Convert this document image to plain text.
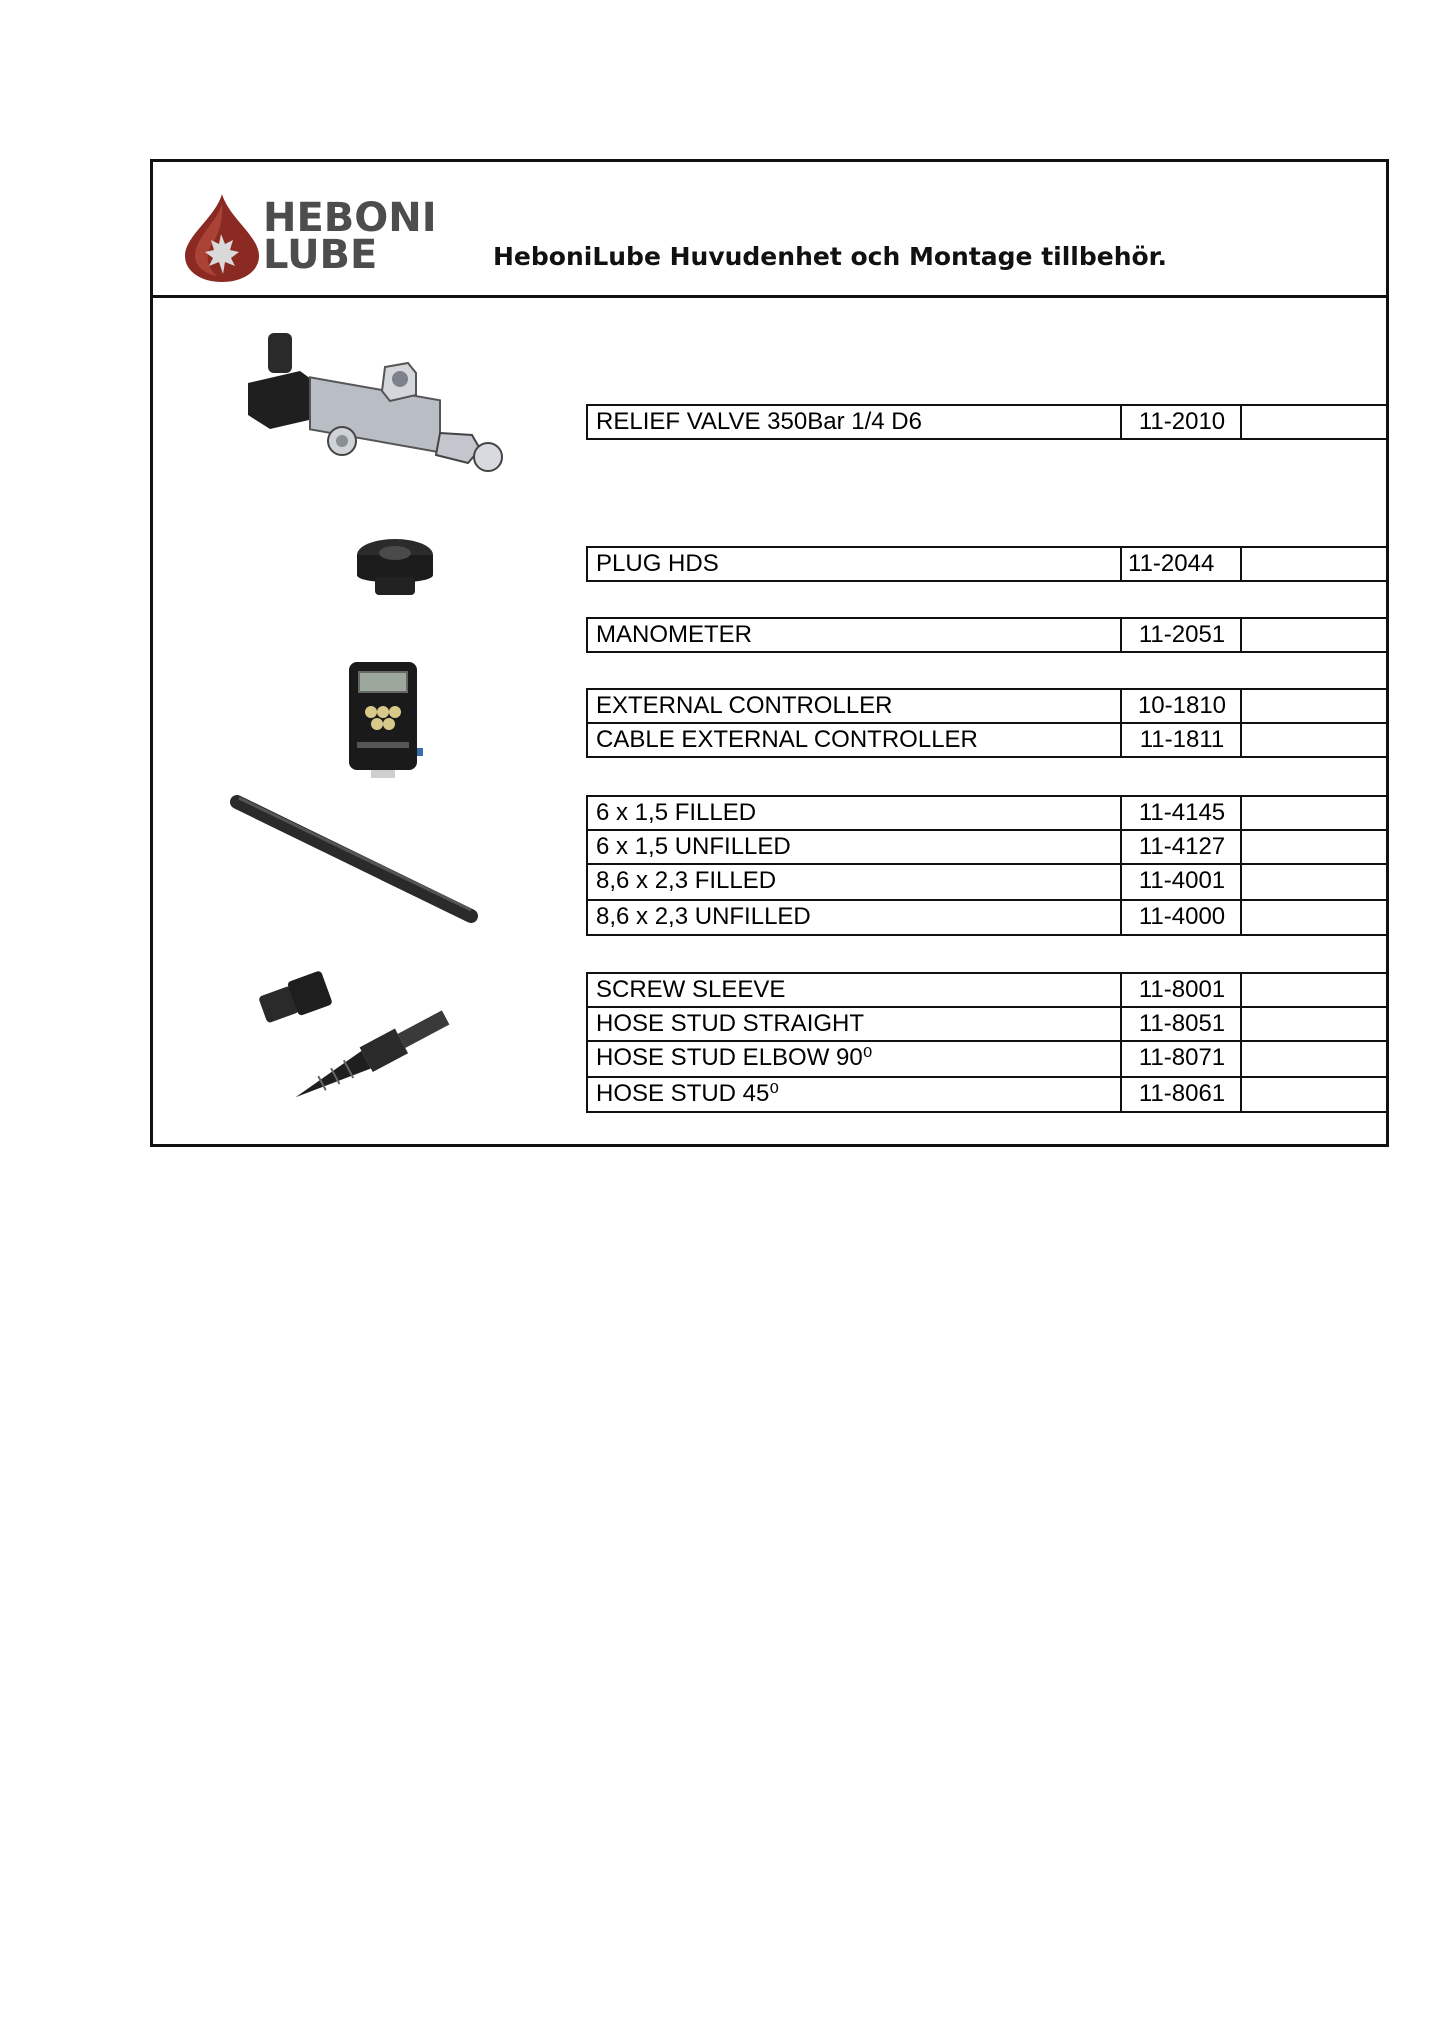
HEBONI
LUBE	HeboniLube Huvudenhet och Montage tillbehör.
RELIEF VALVE 350Bar 1/4 D6	11-2010
PLUG HDS	11-2044
MANOMETER	11-2051
EXTERNAL CONTROLLER	10-1810
CABLE EXTERNAL CONTROLLER	11-1811
6 x 1,5 FILLED	11-4145
6 x 1,5 UNFILLED	11-4127
8,6 x 2,3 FILLED	11-4001
8,6 x 2,3 UNFILLED	11-4000
SCREW SLEEVE	11-8001
HOSE STUD STRAIGHT	11-8051
HOSE STUD ELBOW 90⁰	11-8071
HOSE STUD 45⁰	11-8061
